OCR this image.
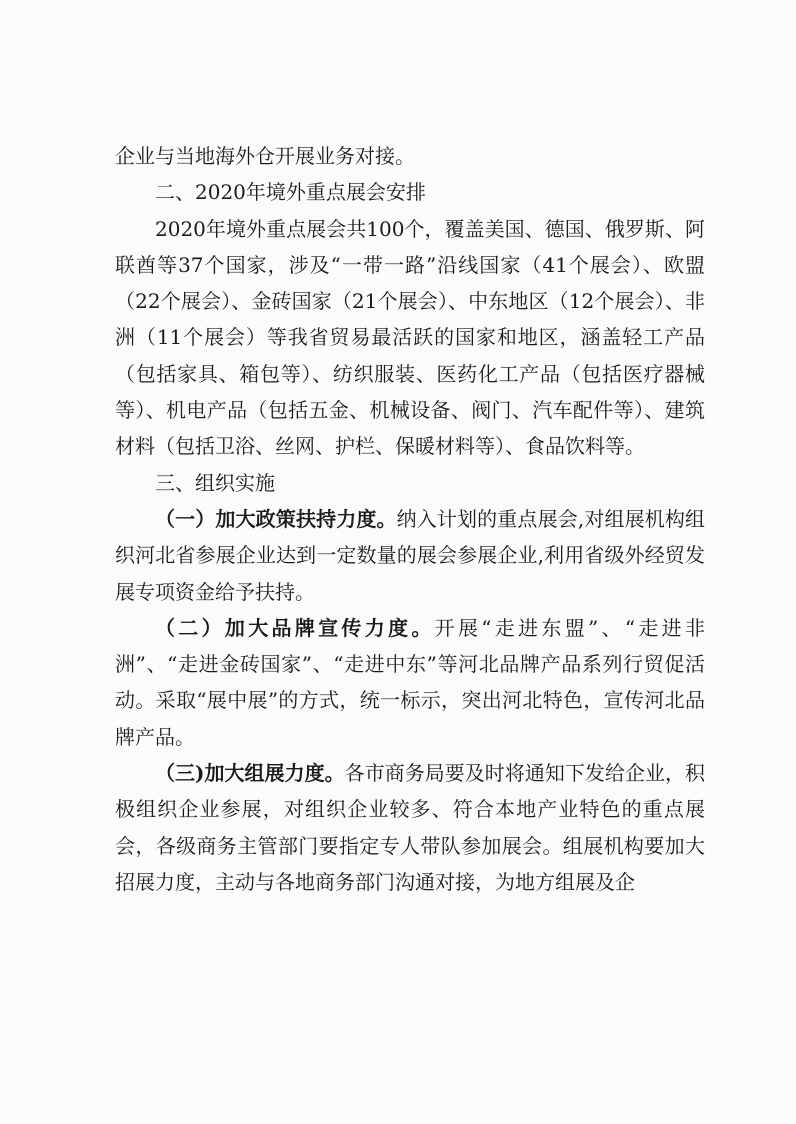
企业与当地海外仓开展业务对接。

二、2020年境外重点展会安排

2020年境外重点展会共100个，覆盖美国、德国、俄罗斯、阿联酋等37个国家，涉及“一带一路”沿线国家（41个展会）、欧盟（22个展会）、金砖国家（21个展会）、中东地区（12个展会）、非洲（11个展会）等我省贸易最活跃的国家和地区，涵盖轻工产品（包括家具、箱包等）、纺织服装、医药化工产品（包括医疗器械等）、机电产品（包括五金、机械设备、阀门、汽车配件等）、建筑材料（包括卫浴、丝网、护栏、保暖材料等）、食品饮料等。

三、组织实施

（一）加大政策扶持力度。纳入计划的重点展会,对组展机构组织河北省参展企业达到一定数量的展会参展企业,利用省级外经贸发展专项资金给予扶持。

（二）加大品牌宣传力度。开展“走进东盟”、“走进非洲”、“走进金砖国家”、“走进中东”等河北品牌产品系列行贸促活动。采取“展中展”的方式，统一标示，突出河北特色，宣传河北品牌产品。

（三)加大组展力度。各市商务局要及时将通知下发给企业，积极组织企业参展，对组织企业较多、符合本地产业特色的重点展会，各级商务主管部门要指定专人带队参加展会。组展机构要加大招展力度，主动与各地商务部门沟通对接，为地方组展及企
